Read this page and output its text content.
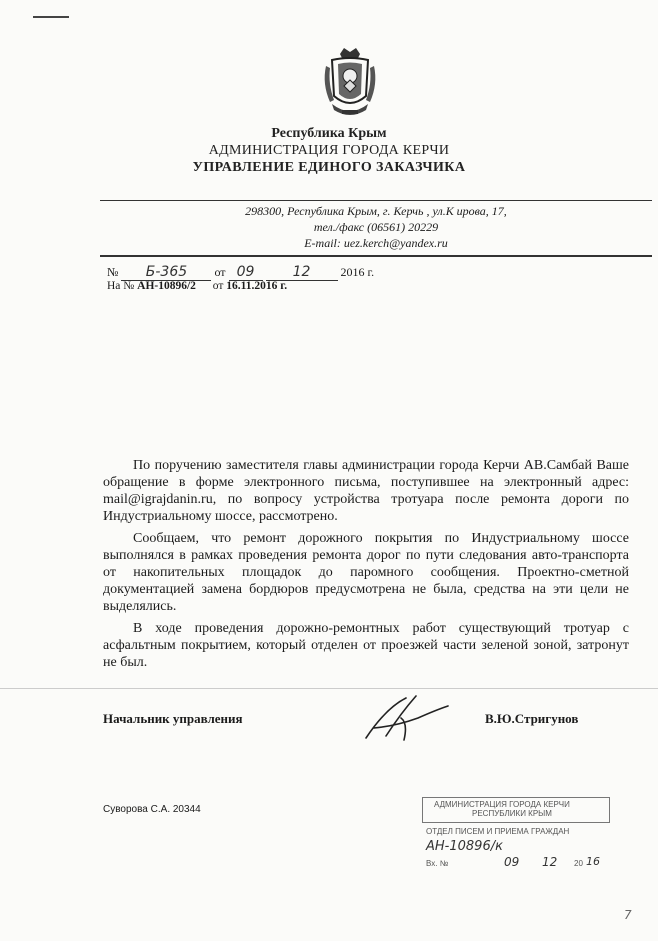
Республика Крым
АДМИНИСТРАЦИЯ ГОРОДА КЕРЧИ
УПРАВЛЕНИЕ ЕДИНОГО ЗАКАЗЧИКА
298300, Республика Крым, г. Керчь , ул.К ирова, 17,
тел./факс (06561) 20229
E-mail: uez.kerch@yandex.ru
№ Б-365 от 09	12	2016 г.
На № АН-10896/2 от 16.11.2016 г.
По поручению заместителя главы администрации города Керчи АВ.Самбай Ваше обращение в форме электронного письма, поступившее на электронный адрес: mail@igrajdanin.ru, по вопросу устройства тротуара после ремонта дороги по Индустриальному шоссе, рассмотрено.
Сообщаем, что ремонт дорожного покрытия по Индустриальному шоссе выполнялся в рамках проведения ремонта дорог по пути следования авто-транспорта от накопительных площадок до паромного сообщения. Проектно-сметной документацией замена бордюров предусмотрена не была, средства на эти цели не выделялись.
В ходе проведения дорожно-ремонтных работ существующий тротуар с асфальтным покрытием, который отделен от проезжей части зеленой зоной, затронут не был.
Начальник управления	В.Ю.Стригунов
Суворова С.А. 20344	АДМИНИСТРАЦИЯ ГОРОДА КЕРЧИ
РЕСПУБЛИКИ КРЫМ
ОТДЕЛ ПИСЕМ И ПРИЕМА ГРАЖДАН
АН-10896/к
Вх. №	09 12 20 16
7
